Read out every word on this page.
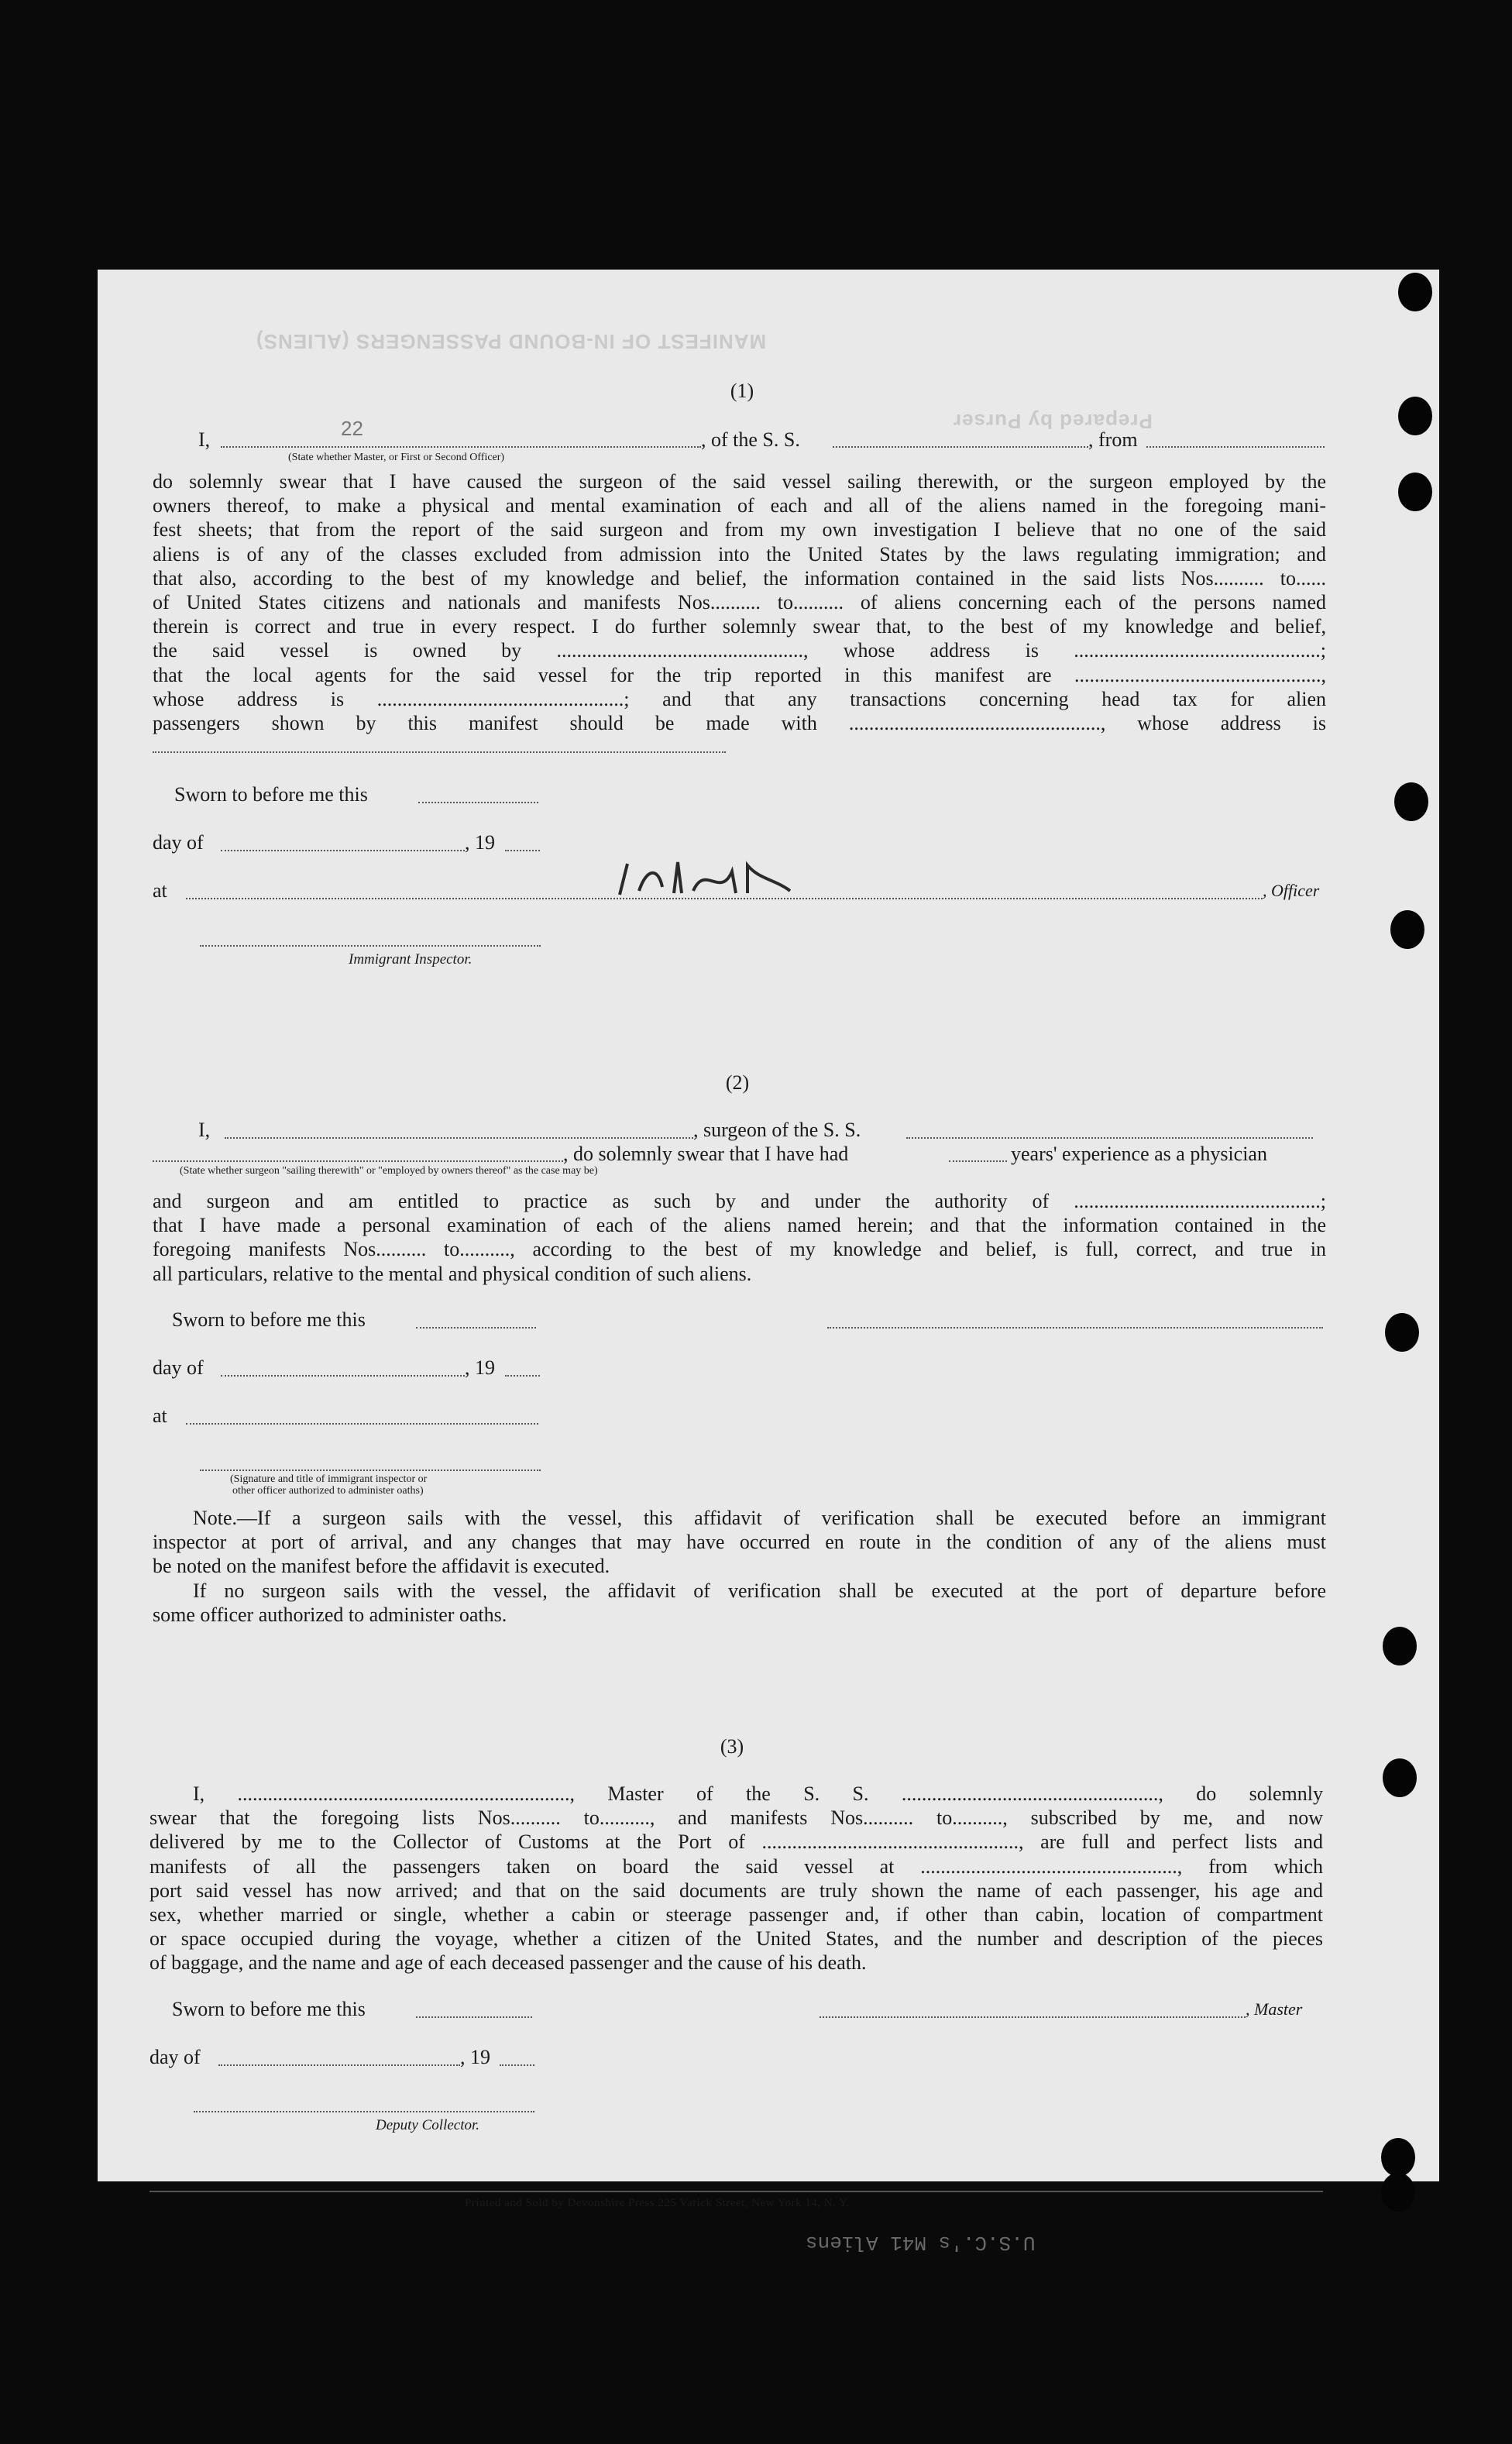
MANIFEST OF IN-BOUND PASSENGERS (ALIENS)
Prepared by Purser
U.S.C.'s M41 Aliens
(1)
I,	22	, of the S. S.	, from
(State whether Master, or First or Second Officer)
do solemnly swear that I have caused the surgeon of the said vessel sailing therewith, or the surgeon employed by the
owners thereof, to make a physical and mental examination of each and all of the aliens named in the foregoing mani-
fest sheets; that from the report of the said surgeon and from my own investigation I believe that no one of the said
aliens is of any of the classes excluded from admission into the United States by the laws regulating immigration; and
that also, according to the best of my knowledge and belief, the information contained in the said lists Nos.......... to......
of United States citizens and nationals and manifests Nos.......... to.......... of aliens concerning each of the persons named
therein is correct and true in every respect. I do further solemnly swear that, to the best of my knowledge and belief,
the said vessel is owned by ................................................., whose address is .................................................;
that the local agents for the said vessel for the trip reported in this manifest are .................................................,
whose address is .................................................; and that any transactions concerning head tax for alien
passengers shown by this manifest should be made with .................................................., whose address is
Sworn to before me this
day of	, 19
at	, Officer
Immigrant Inspector.
(2)
I,	, surgeon of the S. S.
, do solemnly swear that I have had	years' experience as a physician
(State whether surgeon "sailing therewith" or "employed by owners thereof" as the case may be)
and surgeon and am entitled to practice as such by and under the authority of .................................................;
that I have made a personal examination of each of the aliens named herein; and that the information contained in the
foregoing manifests Nos.......... to.........., according to the best of my knowledge and belief, is full, correct, and true in
all particulars, relative to the mental and physical condition of such aliens.
Sworn to before me this
day of	, 19
at
(Signature and title of immigrant inspector or
other officer authorized to administer oaths)
Note.—If a surgeon sails with the vessel, this affidavit of verification shall be executed before an immigrant
inspector at port of arrival, and any changes that may have occurred en route in the condition of any of the aliens must
be noted on the manifest before the affidavit is executed.
If no surgeon sails with the vessel, the affidavit of verification shall be executed at the port of departure before
some officer authorized to administer oaths.
(3)
I, .................................................................., Master of the S. S. ..................................................., do solemnly
swear that the foregoing lists Nos.......... to.........., and manifests Nos.......... to.........., subscribed by me, and now
delivered by me to the Collector of Customs at the Port of ..................................................., are full and perfect lists and
manifests of all the passengers taken on board the said vessel at ..................................................., from which
port said vessel has now arrived; and that on the said documents are truly shown the name of each passenger, his age and
sex, whether married or single, whether a cabin or steerage passenger and, if other than cabin, location of compartment
or space occupied during the voyage, whether a citizen of the United States, and the number and description of the pieces
of baggage, and the name and age of each deceased passenger and the cause of his death.
Sworn to before me this	, Master
day of	, 19
Deputy Collector.
Printed and Sold by Devonshire Press 225 Varick Street, New York 14, N. Y.
